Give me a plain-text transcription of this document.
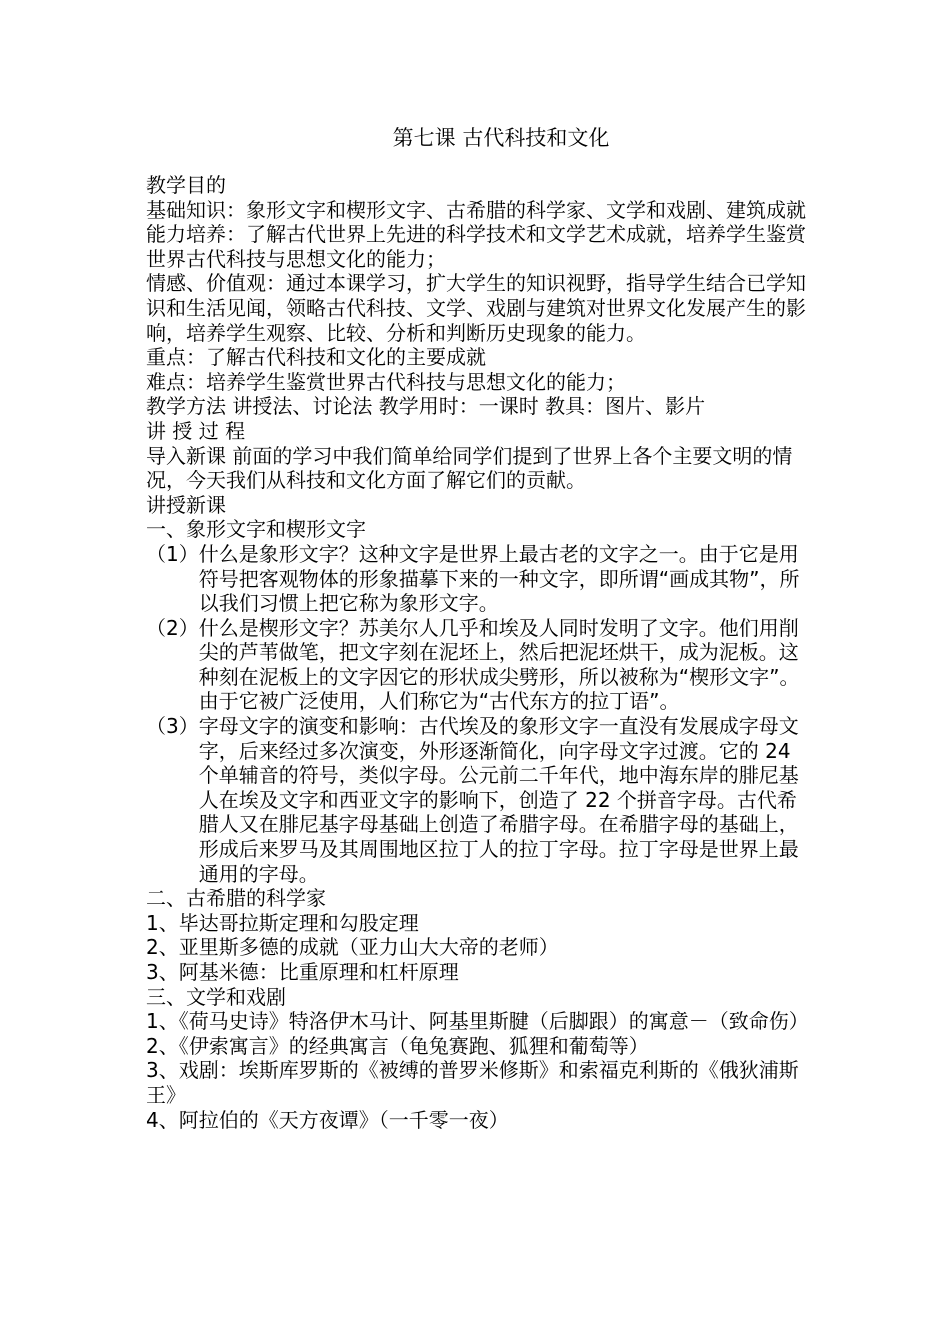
第七课 古代科技和文化

教学目的

基础知识：象形文字和楔形文字、古希腊的科学家、文学和戏剧、建筑成就

能力培养：了解古代世界上先进的科学技术和文学艺术成就，培养学生鉴赏世界古代科技与思想文化的能力；

情感、价值观：通过本课学习，扩大学生的知识视野，指导学生结合已学知识和生活见闻，领略古代科技、文学、戏剧与建筑对世界文化发展产生的影响，培养学生观察、比较、分析和判断历史现象的能力。

重点：了解古代科技和文化的主要成就

难点：培养学生鉴赏世界古代科技与思想文化的能力；

教学方法 讲授法、讨论法 教学用时：一课时 教具：图片、影片

讲 授 过 程

导入新课 前面的学习中我们简单给同学们提到了世界上各个主要文明的情况，今天我们从科技和文化方面了解它们的贡献。

讲授新课

一、象形文字和楔形文字

（1） 什么是象形文字？这种文字是世界上最古老的文字之一。由于它是用符号把客观物体的形象描摹下来的一种文字，即所谓“画成其物”，所以我们习惯上把它称为象形文字。
（2） 什么是楔形文字？苏美尔人几乎和埃及人同时发明了文字。他们用削尖的芦苇做笔，把文字刻在泥坯上，然后把泥坯烘干，成为泥板。这种刻在泥板上的文字因它的形状成尖劈形，所以被称为“楔形文字”。由于它被广泛使用，人们称它为“古代东方的拉丁语”。
（3） 字母文字的演变和影响：古代埃及的象形文字一直没有发展成字母文字，后来经过多次演变，外形逐渐简化，向字母文字过渡。它的 24 个单辅音的符号，类似字母。公元前二千年代，地中海东岸的腓尼基人在埃及文字和西亚文字的影响下，创造了 22 个拼音字母。古代希腊人又在腓尼基字母基础上创造了希腊字母。在希腊字母的基础上，形成后来罗马及其周围地区拉丁人的拉丁字母。拉丁字母是世界上最通用的字母。

二、古希腊的科学家

1、毕达哥拉斯定理和勾股定理

2、亚里斯多德的成就（亚力山大大帝的老师）

3、阿基米德：比重原理和杠杆原理

三、文学和戏剧

1、《荷马史诗》特洛伊木马计、阿基里斯腱（后脚跟）的寓意－（致命伤）

2、《伊索寓言》的经典寓言（龟兔赛跑、狐狸和葡萄等）

3、戏剧：埃斯库罗斯的《被缚的普罗米修斯》和索福克利斯的《俄狄浦斯王》

4、阿拉伯的《天方夜谭》（一千零一夜）
